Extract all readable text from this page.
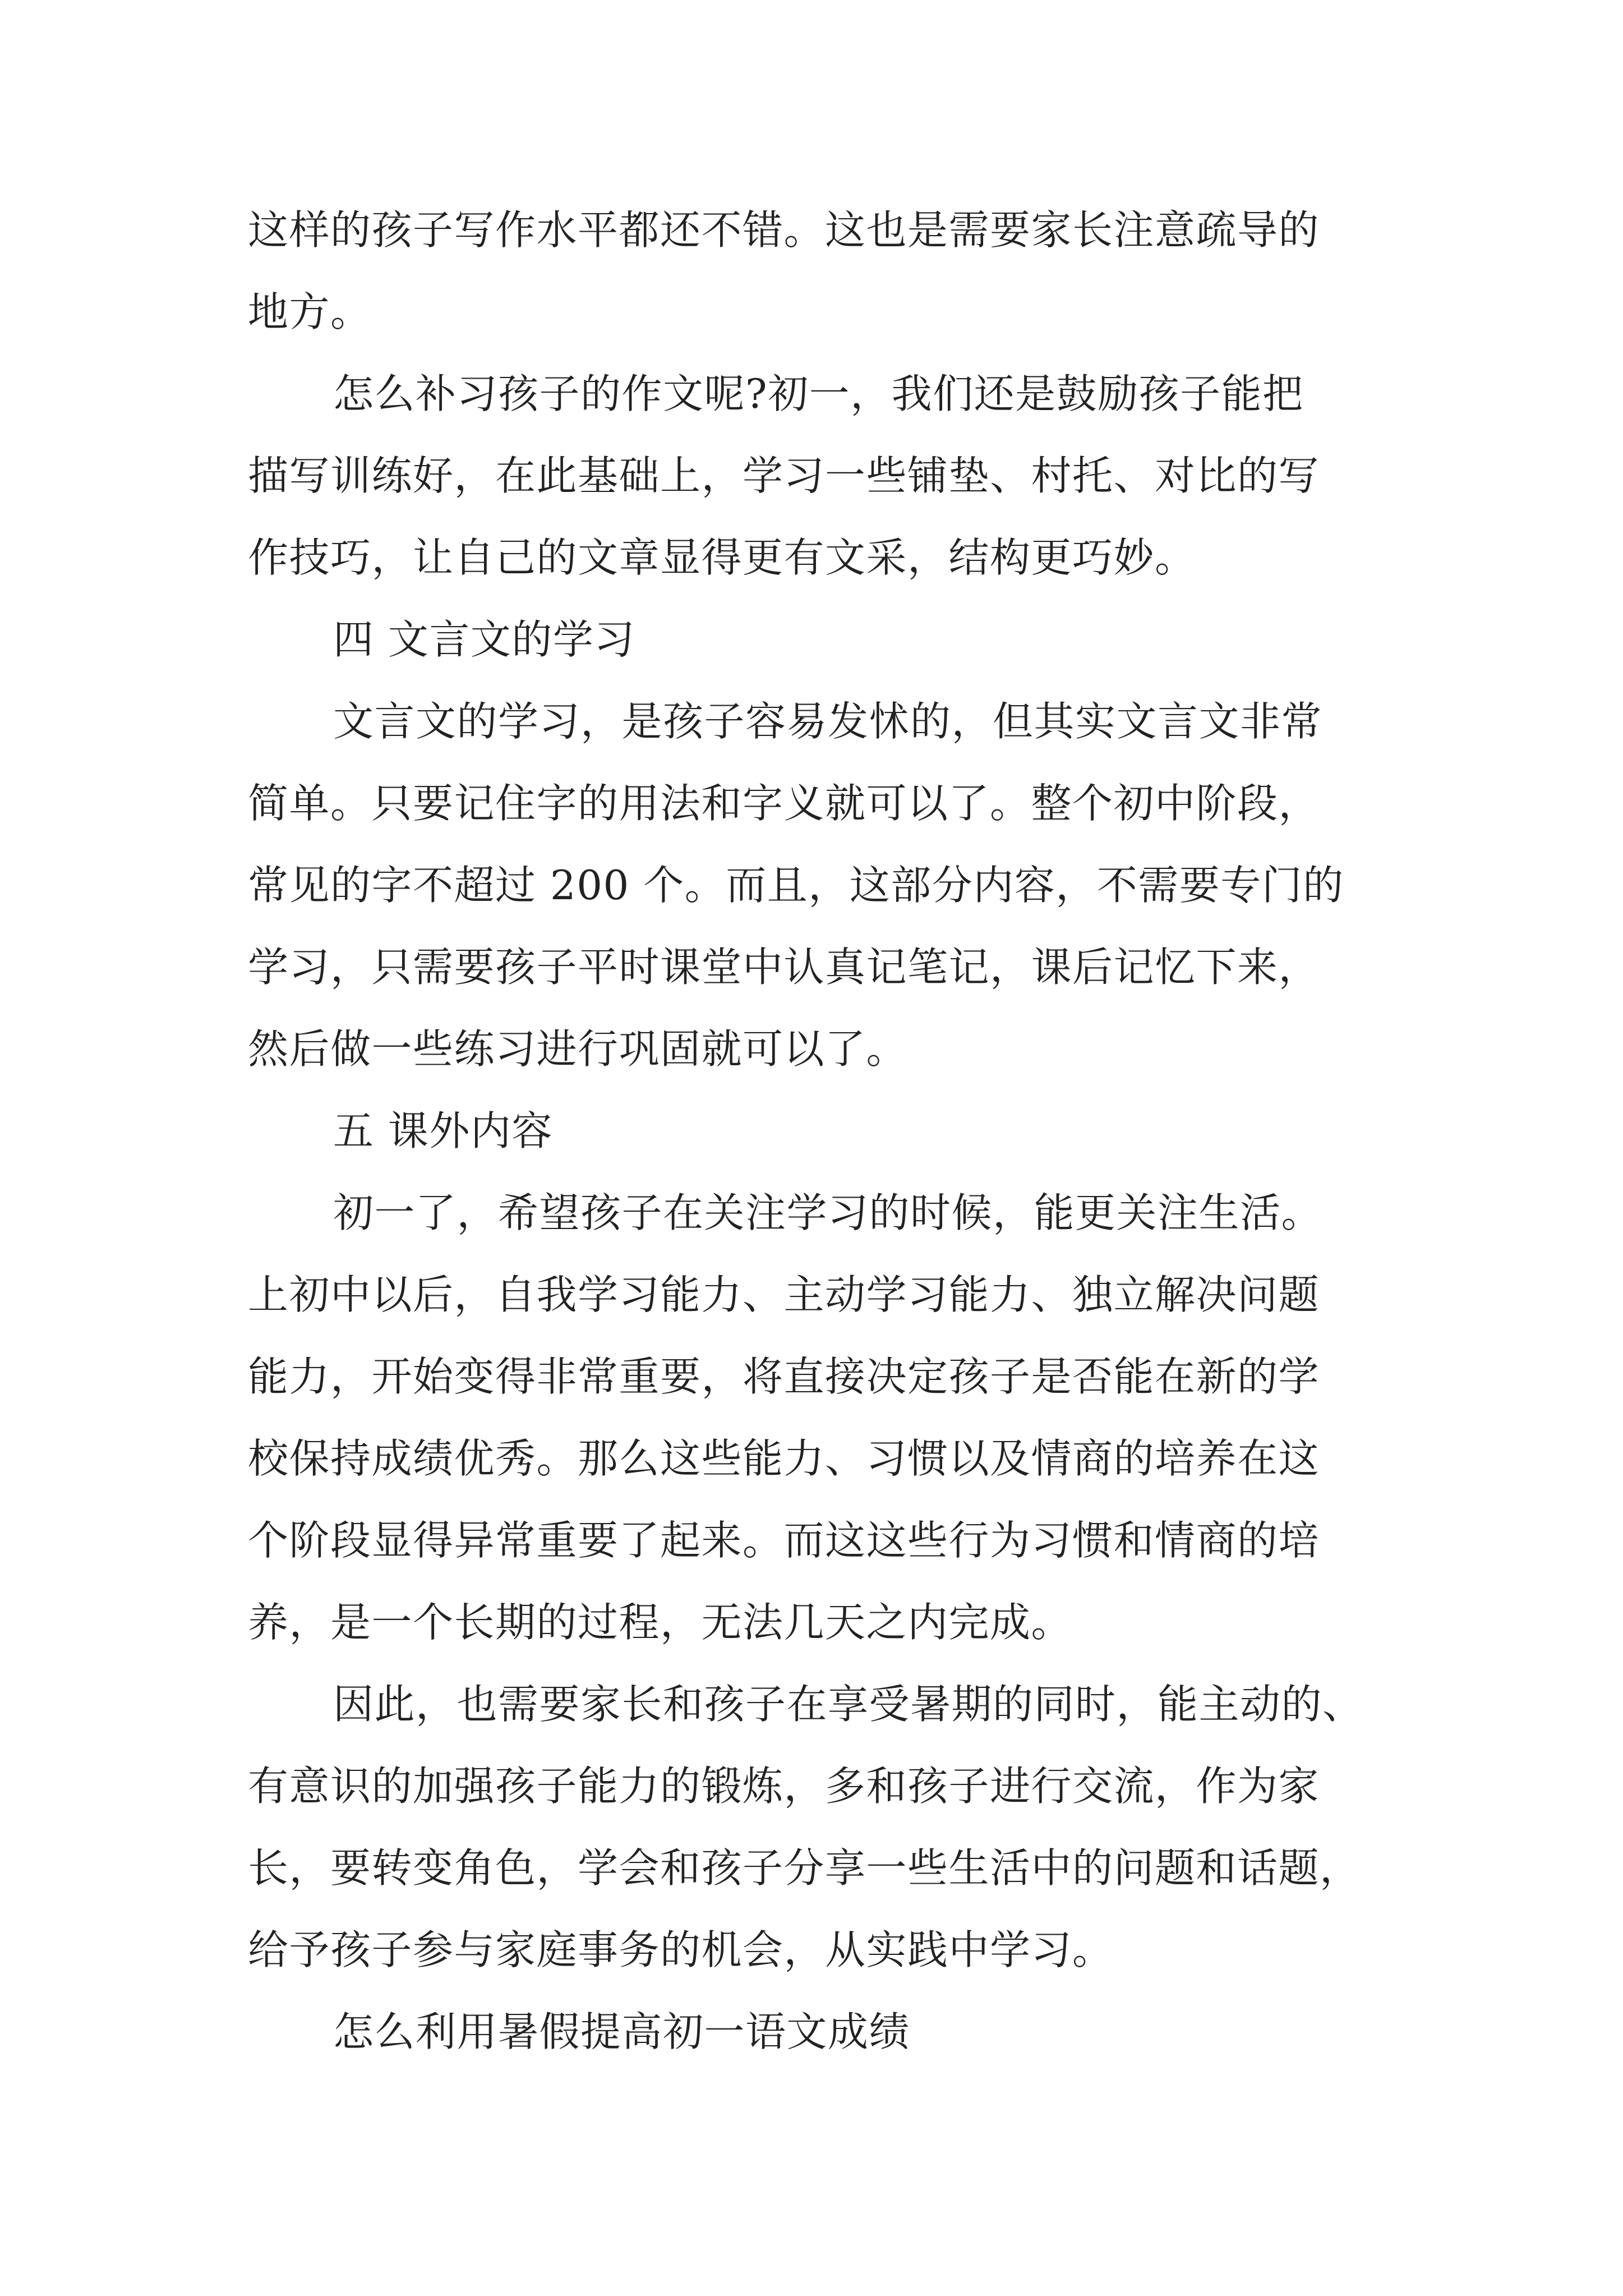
这样的孩子写作水平都还不错。这也是需要家长注意疏导的
地方。
怎么补习孩子的作文呢?初一，我们还是鼓励孩子能把
描写训练好，在此基础上，学习一些铺垫、村托、对比的写
作技巧，让自己的文章显得更有文采，结构更巧妙。
四 文言文的学习
文言文的学习，是孩子容易发怵的，但其实文言文非常
简单。只要记住字的用法和字义就可以了。整个初中阶段，
常见的字不超过 200 个。而且，这部分内容，不需要专门的
学习，只需要孩子平时课堂中认真记笔记，课后记忆下来，
然后做一些练习进行巩固就可以了。
五 课外内容
初一了，希望孩子在关注学习的时候，能更关注生活。
上初中以后，自我学习能力、主动学习能力、独立解决问题
能力，开始变得非常重要，将直接决定孩子是否能在新的学
校保持成绩优秀。那么这些能力、习惯以及情商的培养在这
个阶段显得异常重要了起来。而这这些行为习惯和情商的培
养，是一个长期的过程，无法几天之内完成。
因此，也需要家长和孩子在享受暑期的同时，能主动的、
有意识的加强孩子能力的锻炼，多和孩子进行交流，作为家
长，要转变角色，学会和孩子分享一些生活中的问题和话题，
给予孩子参与家庭事务的机会，从实践中学习。
怎么利用暑假提高初一语文成绩
